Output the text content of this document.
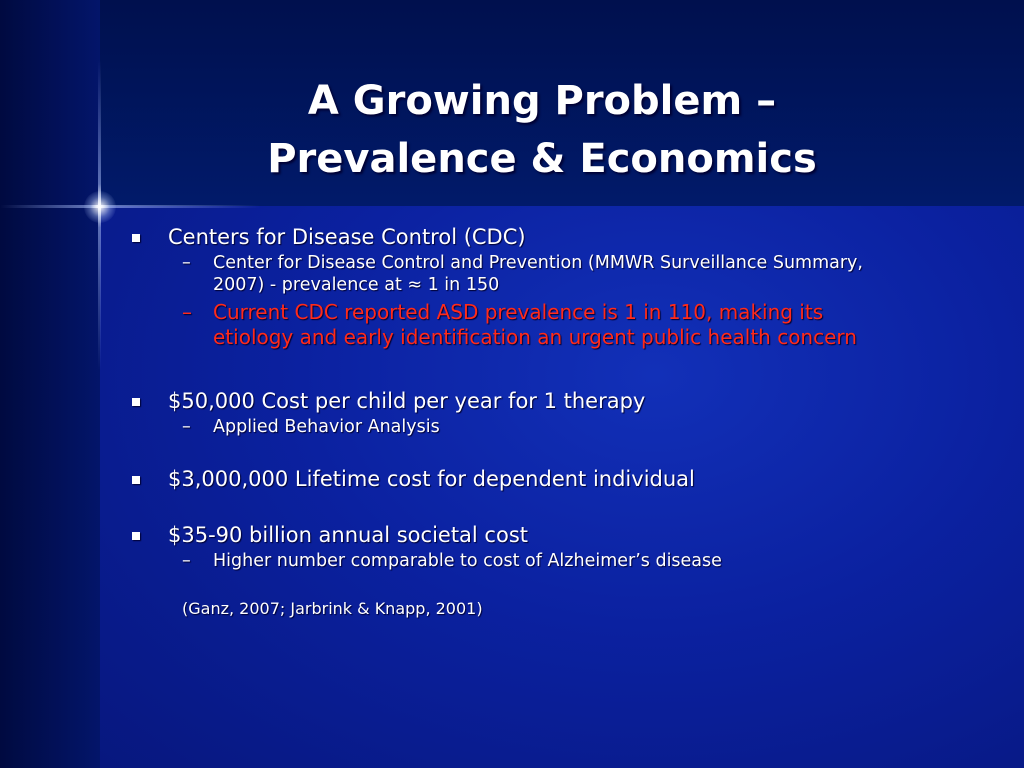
A Growing Problem –
Prevalence & Economics
Centers for Disease Control (CDC)
– Center for Disease Control and Prevention (MMWR Surveillance Summary,
2007) - prevalence at ≈ 1 in 150
– Current CDC reported ASD prevalence is 1 in 110, making its
etiology and early identification an urgent public health concern
$50,000 Cost per child per year for 1 therapy
– Applied Behavior Analysis
$3,000,000 Lifetime cost for dependent individual
$35-90 billion annual societal cost
– Higher number comparable to cost of Alzheimer’s disease
(Ganz, 2007; Jarbrink & Knapp, 2001)
